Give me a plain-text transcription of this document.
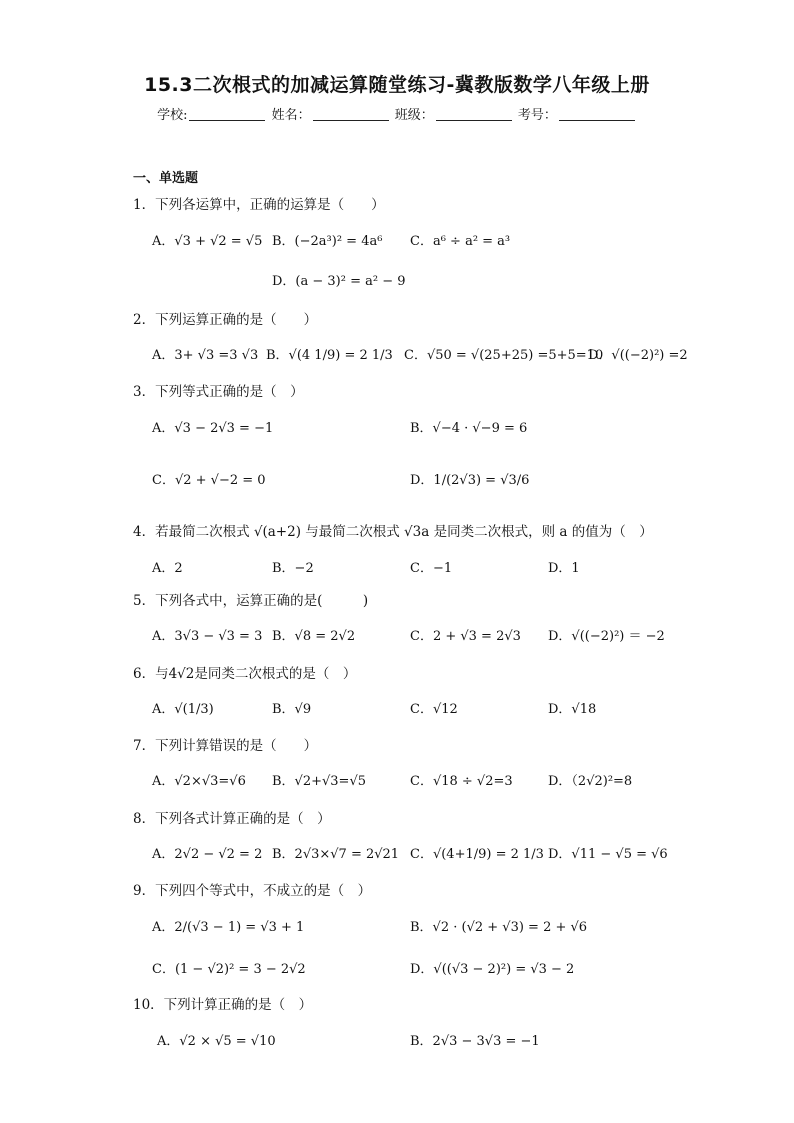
15.3二次根式的加减运算随堂练习-冀教版数学八年级上册
学校:	姓名：	班级：	考号：
一、单选题
1．下列各运算中，正确的运算是（　　）
A．√3 + √2 = √5 B．(−2a³)² = 4a⁶ C．a⁶ ÷ a² = a³
D．(a − 3)² = a² − 9
2．下列运算正确的是（　　）
A．3+ √3 =3 √3 B．√(4 1/9) = 2 1/3 C．√50 = √(25+25) =5+5=10
D．√((−2)²) =2
3．下列等式正确的是（　）
A．√3 − 2√3 = −1	B．√−4 · √−9 = 6
C．√2 + √−2 = 0	D．1/(2√3) = √3/6
4．若最简二次根式 √(a+2) 与最简二次根式 √3a 是同类二次根式，则 a 的值为（　）
A．2	B．−2	C．−1	D．1
5．下列各式中，运算正确的是(　　　)
A．3√3 − √3 = 3 B．√8 = 2√2	C．2 + √3 = 2√3 D．√((−2)²) ＝ −2
6．与4√2是同类二次根式的是（　）
A．√(1/3)	B．√9	C．√12	D．√18
7．下列计算错误的是（　　）
A．√2×√3=√6 B．√2+√3=√5	C．√18 ÷ √2=3	D．（2√2)²=8
8．下列各式计算正确的是（　）
A．2√2 − √2 = 2 B．2√3×√7 = 2√21 C．√(4+1/9) = 2 1/3 D．√11 − √5 = √6
9．下列四个等式中，不成立的是（　）
A．2/(√3 − 1) = √3 + 1	B．√2 · (√2 + √3) = 2 + √6
C．(1 − √2)² = 3 − 2√2	D．√((√3 − 2)²) = √3 − 2
10．下列计算正确的是（　）
A．√2 × √5 = √10	B．2√3 − 3√3 = −1
